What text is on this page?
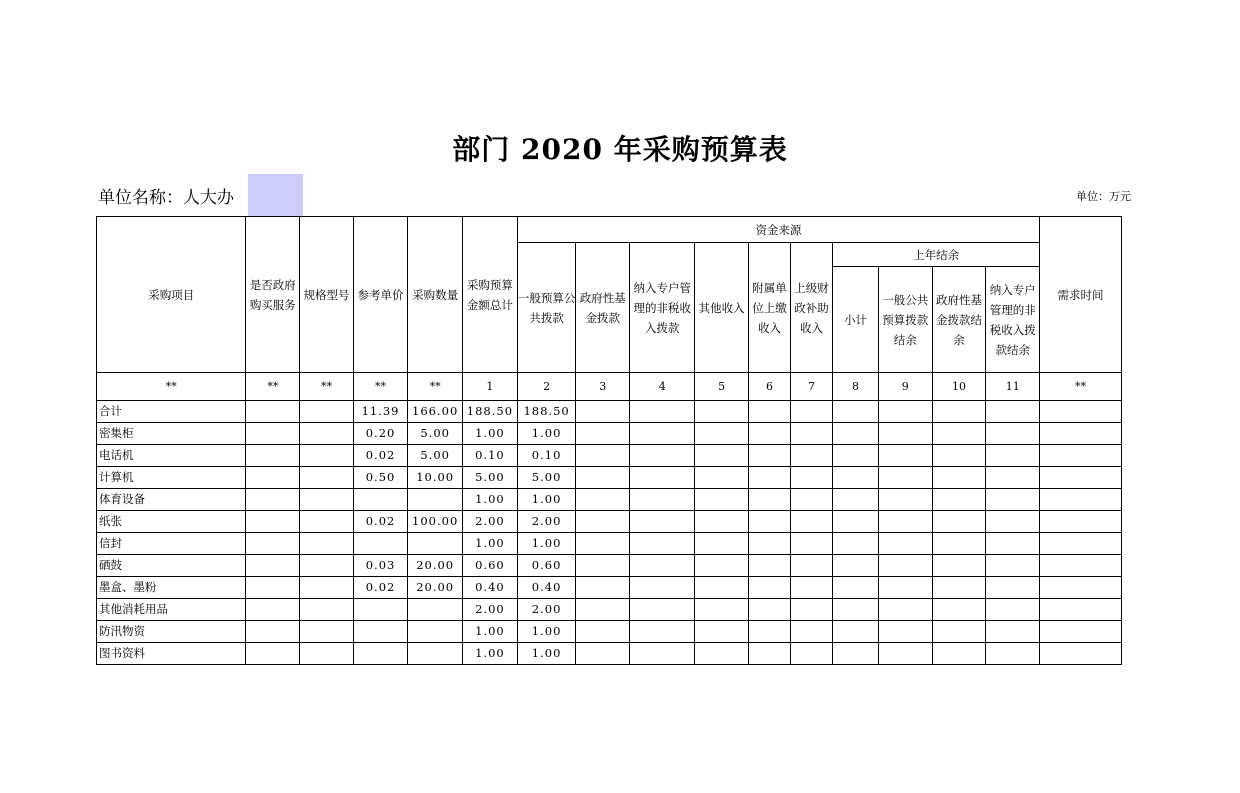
部门 2020 年采购预算表
单位名称：人大办	单位：万元
采购项目	是否政府购买服务	规格型号	参考单价	采购数量	采购预算金额总计	资金来源										需求时间
						一般预算公共拨款	政府性基金拨款	纳入专户管理的非税收入拨款	其他收入	附属单位上缴收入	上级财政补助收入	上年结余				
												小计	一般公共预算拨款结余	政府性基金拨款结余	纳入专户管理的非税收入拨款结余	
**	**	**	**	**	1	2	3	4	5	6	7	8	9	10	11	**
合计			11.39	166.00	188.50	188.50										
密集柜			0.20	5.00	1.00	1.00										
电话机			0.02	5.00	0.10	0.10										
计算机			0.50	10.00	5.00	5.00										
体育设备					1.00	1.00										
纸张			0.02	100.00	2.00	2.00										
信封					1.00	1.00										
硒鼓			0.03	20.00	0.60	0.60										
墨盒、墨粉			0.02	20.00	0.40	0.40										
其他消耗用品					2.00	2.00										
防汛物资					1.00	1.00										
图书资料					1.00	1.00										
